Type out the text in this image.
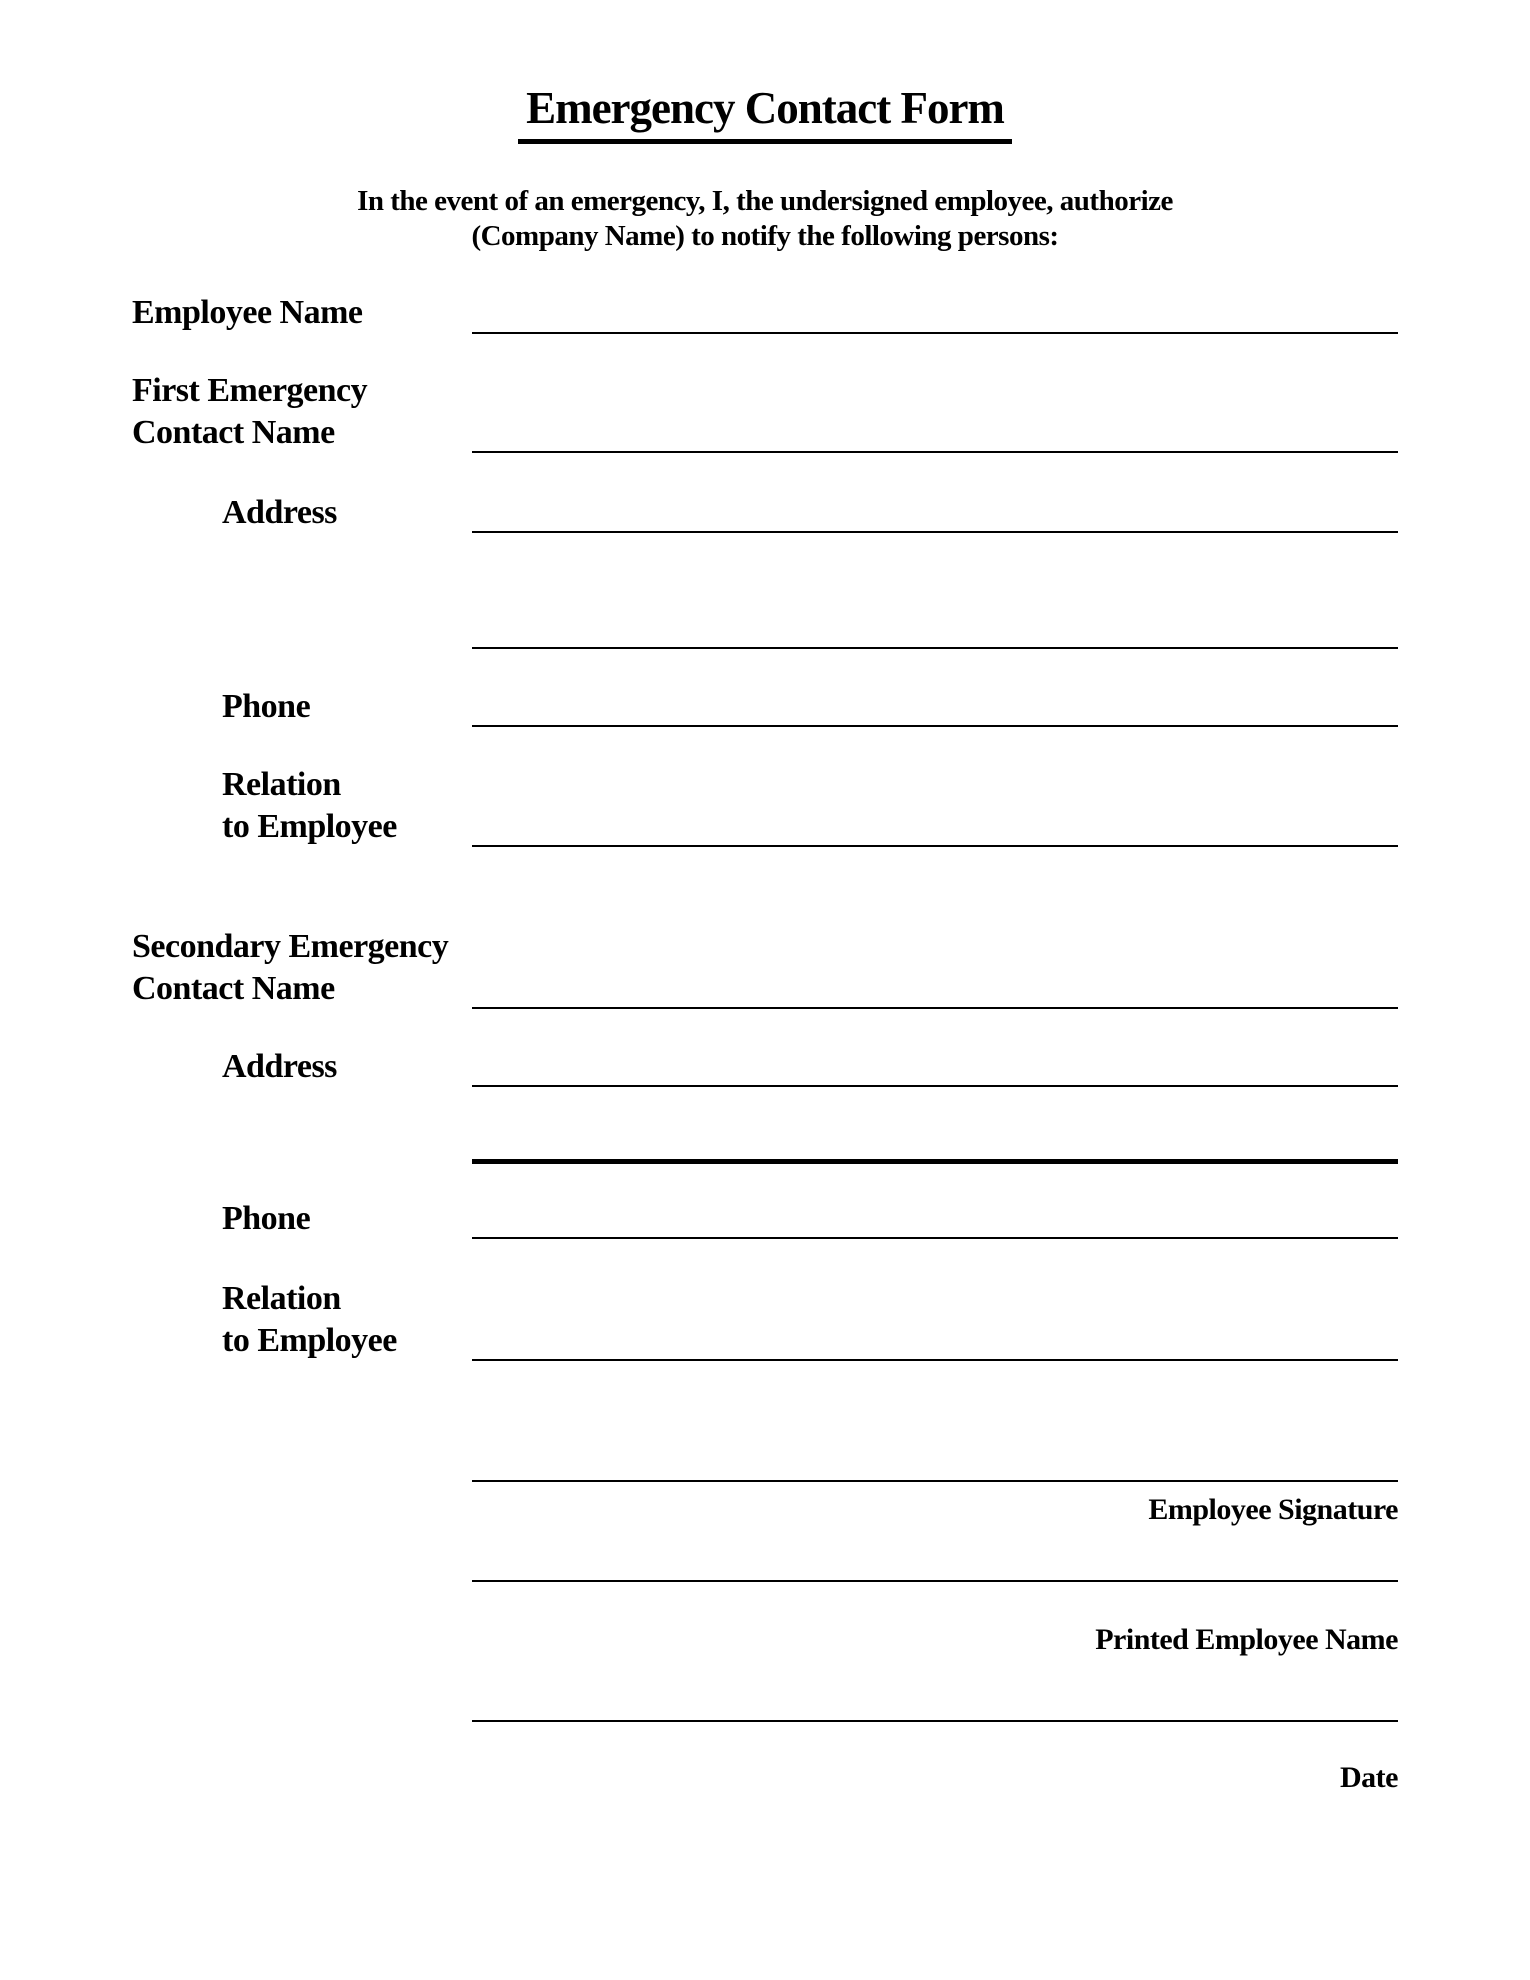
Emergency Contact Form
In the event of an emergency, I, the undersigned employee, authorize
(Company Name) to notify the following persons:
Employee Name
First Emergency
Contact Name
Address
Phone
Relation
to Employee
Secondary Emergency
Contact Name
Address
Phone
Relation
to Employee
Employee Signature
Printed Employee Name
Date
